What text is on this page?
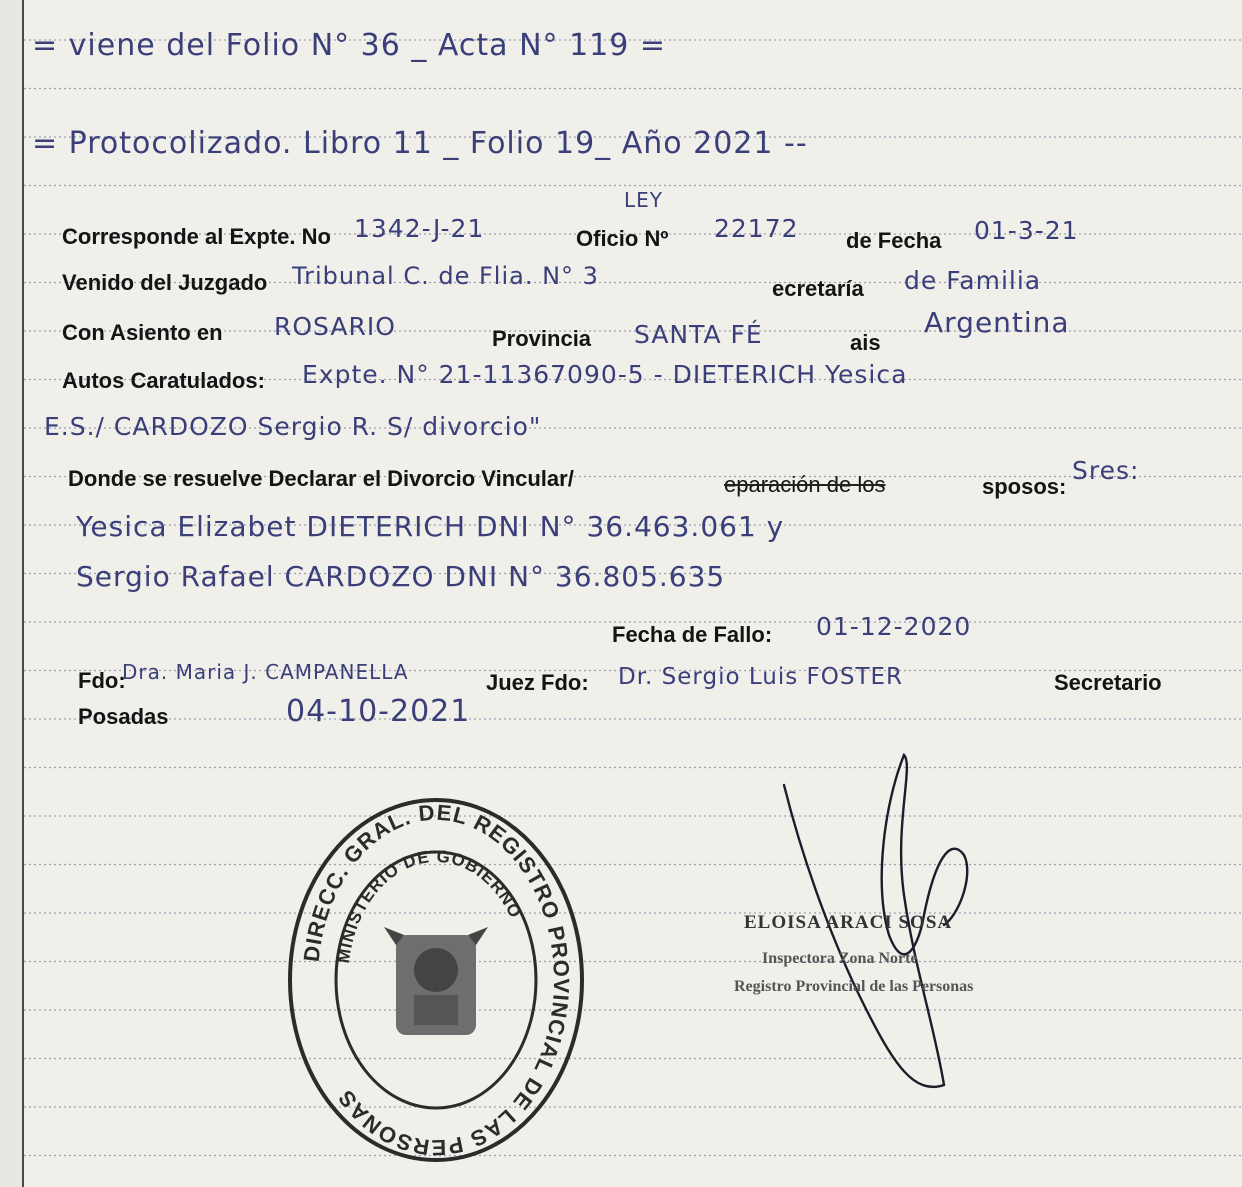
= viene del Folio N° 36 _ Acta N° 119 =
= Protocolizado. Libro 11 _ Folio 19_ Año 2021 --
Corresponde al Expte. No 1342-J-21
LEY
Oficio Nº 22172 de Fecha 01-3-21
Venido del Juzgado Tribunal C. de Flia. N° 3	ecretaría de Familia
Con Asiento en ROSARIO	Provincia SANTA FÉ	ais
Argentina
Autos Caratulados: Expte. N° 21-11367090-5 - DIETERICH Yesica
E.S./ CARDOZO Sergio R. S/ divorcio"
Donde se resuelve Declarar el Divorcio Vincular/	eparación de los	sposos:
Sres:
Yesica Elizabet DIETERICH DNI N° 36.463.061 y
Sergio Rafael CARDOZO DNI N° 36.805.635
Fecha de Fallo: 01-12-2020
Fdo:
Dra. Maria J. CAMPANELLA	Juez Fdo: Dr. Sergio Luis FOSTER	Secretario
Posadas	04-10-2021
DIRECC. GRAL. DEL REGISTRO PROVINCIAL DE LAS PERSONAS
MINISTERIO DE GOBIERNO
ELOISA ARACI SOSA
Inspectora Zona Norte
Registro Provincial de las Personas
